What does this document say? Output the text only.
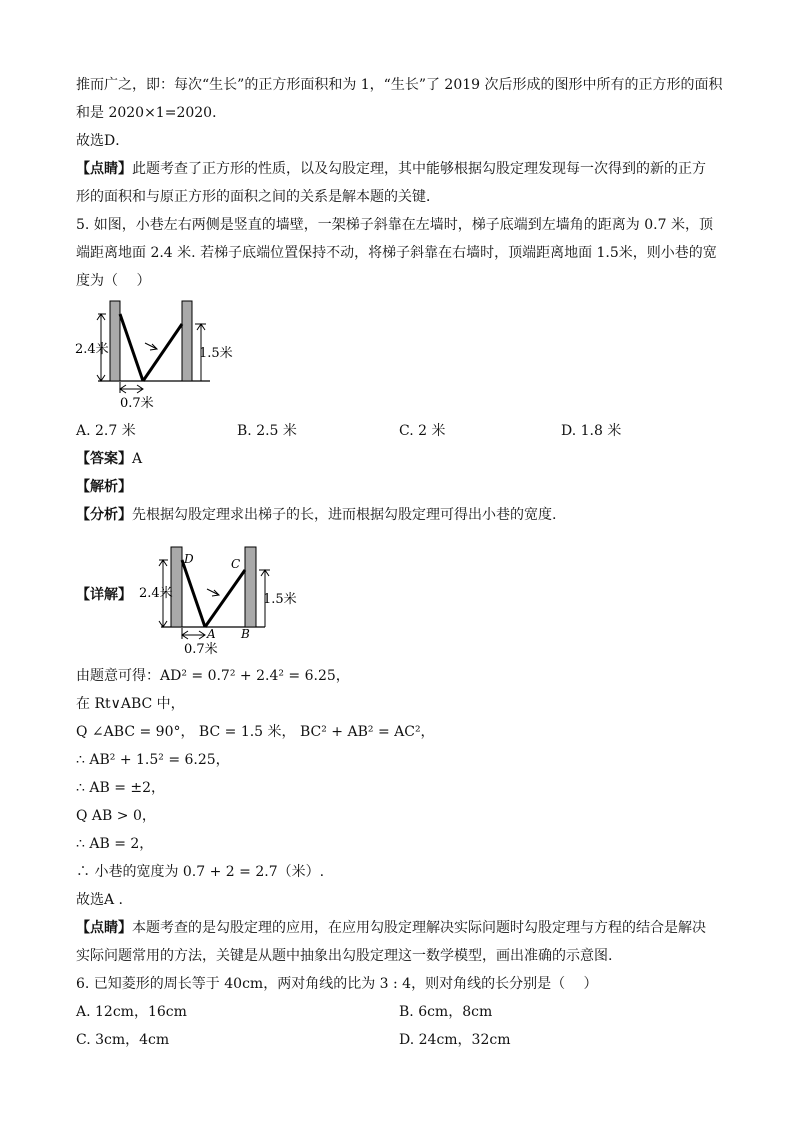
推而广之，即：每次“生长”的正方形面积和为 1，“生长”了 2019 次后形成的图形中所有的正方形的面积
和是 2020×1=2020．
故选D．
【点睛】此题考查了正方形的性质，以及勾股定理，其中能够根据勾股定理发现每一次得到的新的正方
形的面积和与原正方形的面积之间的关系是解本题的关键．
5. 如图，小巷左右两侧是竖直的墙壁，一架梯子斜靠在左墙时，梯子底端到左墙角的距离为 0.7 米，顶
端距离地面 2.4 米. 若梯子底端位置保持不动，将梯子斜靠在右墙时，顶端距离地面 1.5米，则小巷的宽
度为（　 ）
2.4米	1.5米
0.7米
A. 2.7 米	B. 2.5 米	C. 2 米	D. 1.8 米
【答案】A
【解析】
【分析】先根据勾股定理求出梯子的长，进而根据勾股定理可得出小巷的宽度.
【详解】
D	C
A B
2.4米	1.5米
0.7米
由题意可得：AD² = 0.7² + 2.4² = 6.25，
在 Rt∨ABC 中，
Q ∠ABC = 90°， BC = 1.5 米， BC² + AB² = AC²，
∴ AB² + 1.5² = 6.25，
∴ AB = ±2，
Q AB > 0，
∴ AB = 2，
∴ 小巷的宽度为 0.7 + 2 = 2.7（米）.
故选A .
【点睛】本题考查的是勾股定理的应用，在应用勾股定理解决实际问题时勾股定理与方程的结合是解决
实际问题常用的方法，关键是从题中抽象出勾股定理这一数学模型，画出准确的示意图.
6. 已知菱形的周长等于 40cm，两对角线的比为 3 : 4，则对角线的长分别是（　 ）
A. 12cm，16cm	B. 6cm，8cm
C. 3cm，4cm	D. 24cm，32cm
